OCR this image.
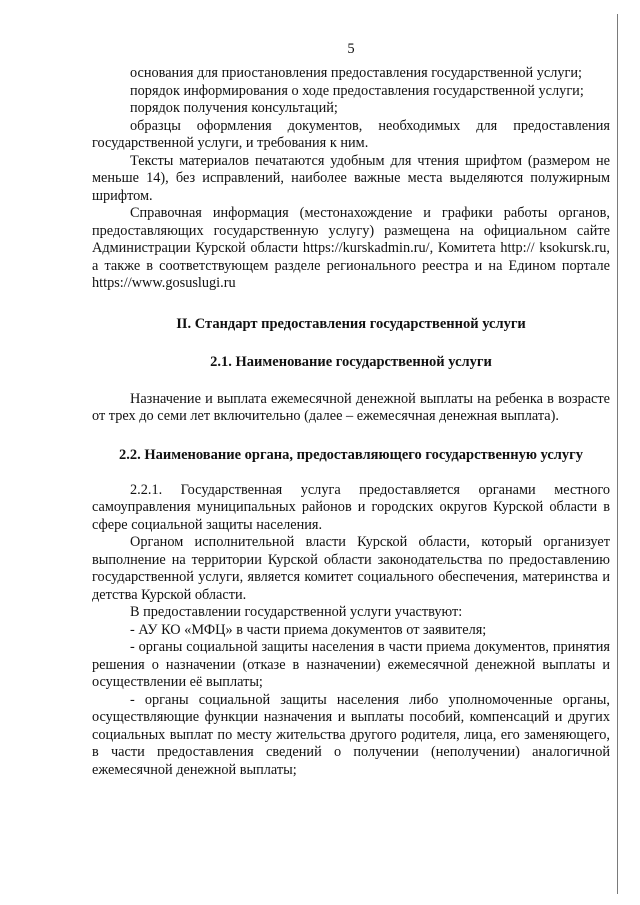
5

основания для приостановления предоставления государственной услуги;

порядок информирования о ходе предоставления государственной услуги;

порядок получения консультаций;

образцы оформления документов, необходимых для предоставления государственной услуги, и требования к ним.

Тексты материалов печатаются удобным для чтения шрифтом (размером не меньше 14), без исправлений, наиболее важные места выделяются полужирным шрифтом.

Справочная информация (местонахождение и графики работы органов, предоставляющих государственную услугу) размещена на официальном сайте Администрации Курской области https://kurskadmin.ru/, Комитета http:// ksokursk.ru, а также в соответствующем разделе регионального реестра и на Едином портале https://www.gosuslugi.ru

II. Стандарт предоставления государственной услуги
2.1. Наименование государственной услуги

Назначение и выплата ежемесячной денежной выплаты на ребенка в возрасте от трех до семи лет включительно (далее – ежемесячная денежная выплата).

2.2. Наименование органа, предоставляющего государственную услугу

2.2.1. Государственная услуга предоставляется органами местного самоуправления муниципальных районов и городских округов Курской области в сфере социальной защиты населения.

Органом исполнительной власти Курской области, который организует выполнение на территории Курской области законодательства по предоставлению государственной услуги, является комитет социального обеспечения, материнства и детства Курской области.

В предоставлении государственной услуги участвуют:

- АУ КО «МФЦ» в части приема документов от заявителя;

- органы социальной защиты населения в части приема документов, принятия решения о назначении (отказе в назначении) ежемесячной денежной выплаты и осуществлении её выплаты;

- органы социальной защиты населения либо уполномоченные органы, осуществляющие функции назначения и выплаты пособий, компенсаций и других социальных выплат по месту жительства другого родителя, лица, его заменяющего, в части предоставления сведений о получении (неполучении) аналогичной ежемесячной денежной выплаты;
